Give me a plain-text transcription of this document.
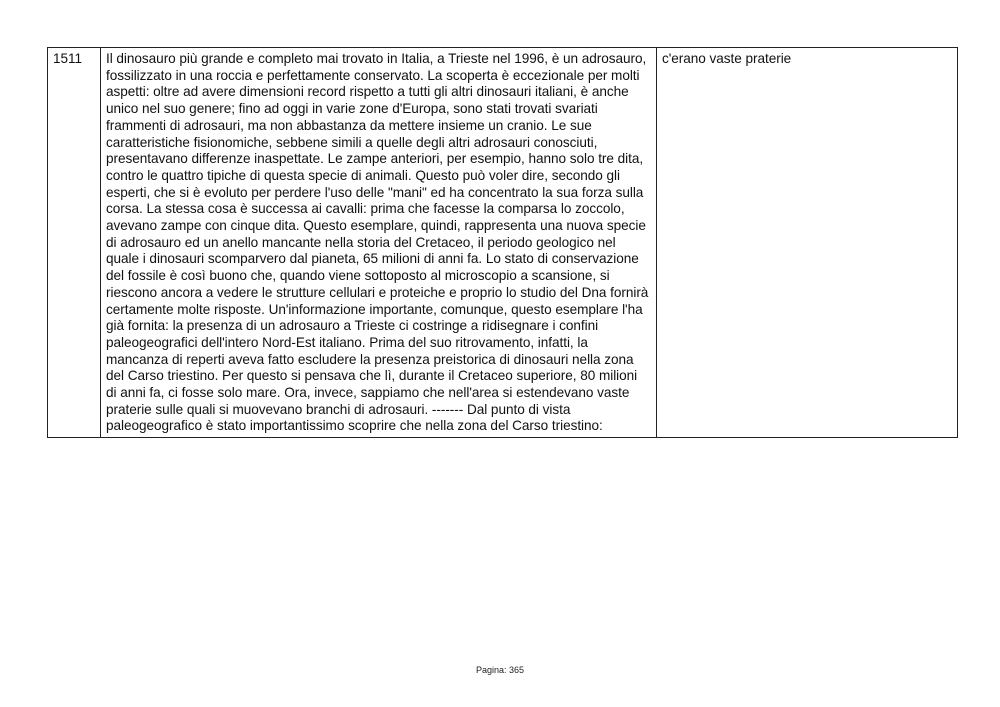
1511	Il dinosauro più grande e completo mai trovato in Italia, a Trieste nel 1996, è un adrosauro, fossilizzato in una roccia e perfettamente conservato. La scoperta è eccezionale per molti aspetti: oltre ad avere dimensioni record rispetto a tutti gli altri dinosauri italiani, è anche unico nel suo genere; fino ad oggi in varie zone d'Europa, sono stati trovati svariati frammenti di adrosauri, ma non abbastanza da mettere insieme un cranio. Le sue caratteristiche fisionomiche, sebbene simili a quelle degli altri adrosauri conosciuti, presentavano differenze inaspettate. Le zampe anteriori, per esempio, hanno solo tre dita, contro le quattro tipiche di questa specie di animali. Questo può voler dire, secondo gli esperti, che si è evoluto per perdere l'uso delle "mani" ed ha concentrato la sua forza sulla corsa. La stessa cosa è successa ai cavalli: prima che facesse la comparsa lo zoccolo, avevano zampe con cinque dita. Questo esemplare, quindi, rappresenta una nuova specie di adrosauro ed un anello mancante nella storia del Cretaceo, il periodo geologico nel quale i dinosauri scomparvero dal pianeta, 65 milioni di anni fa. Lo stato di conservazione del fossile è così buono che, quando viene sottoposto al microscopio a scansione, si riescono ancora a vedere le strutture cellulari e proteiche e proprio lo studio del Dna fornirà certamente molte risposte. Un'informazione importante, comunque, questo esemplare l'ha già fornita: la presenza di un adrosauro a Trieste ci costringe a ridisegnare i confini paleogeografici dell'intero Nord-Est italiano. Prima del suo ritrovamento, infatti, la mancanza di reperti aveva fatto escludere la presenza preistorica di dinosauri nella zona del Carso triestino. Per questo si pensava che lì, durante il Cretaceo superiore, 80 milioni di anni fa, ci fosse solo mare. Ora, invece, sappiamo che nell'area si estendevano vaste praterie sulle quali si muovevano branchi di adrosauri. ------- Dal punto di vista paleogeografico è stato importantissimo scoprire che nella zona del Carso triestino:	c'erano vaste praterie
Pagina: 365
